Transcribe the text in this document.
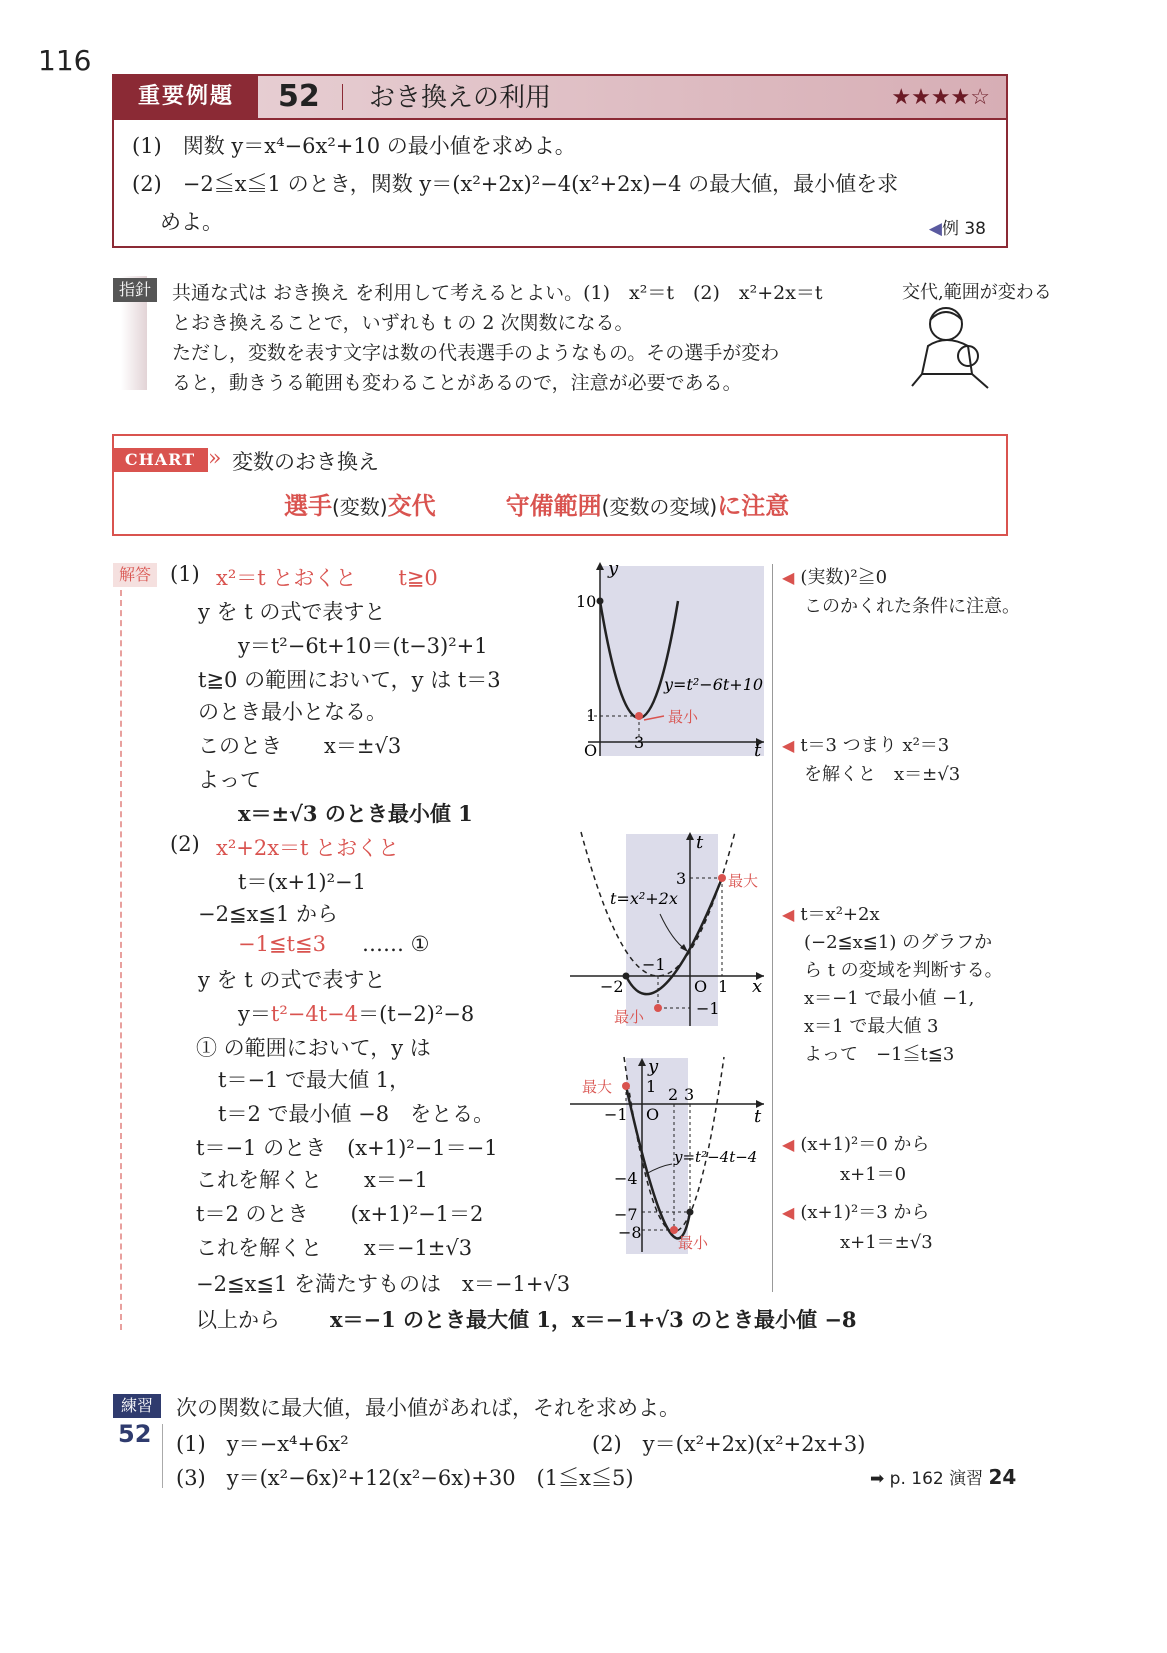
116
重要例題	52 おき換えの利用	★★★★☆
(1)　関数 y＝x⁴−6x²+10 の最小値を求めよ。
(2)　−2≦x≦1 のとき，関数 y＝(x²+2x)²−4(x²+2x)−4 の最大値，最小値を求
めよ。	◀例 38
指針	共通な式は おき換え を利用して考えるとよい。(1)　x²＝t　(2)　x²+2x＝t
とおき換えることで，いずれも t の 2 次関数になる。
ただし，変数を表す文字は数の代表選手のようなもの。その選手が変わ
ると，動きうる範囲も変わることがあるので，注意が必要である。
交代,範囲が変わる
CHART » 変数のおき換え
選手(変数)交代	守備範囲(変数の変域)に注意
解答 (1) x²＝t とおくと　　t≧0
y を t の式で表すと
y＝t²−6t+10＝(t−3)²+1
t≧0 の範囲において，y は t＝3
のとき最小となる。
このとき　　x＝±√3
よって
x＝±√3 のとき最小値 1
(2) x²+2x＝t とおくと
t＝(x+1)²−1
−2≦x≦1 から
−1≦t≦3 …… ①
y を t の式で表すと
y＝t²−4t−4＝(t−2)²−8
① の範囲において，y は
t＝−1 で最大値 1，
t＝2 で最小値 −8　をとる。
t＝−1 のとき　(x+1)²−1＝−1
これを解くと　　x＝−1
t＝2 のとき　　(x+1)²−1＝2
これを解くと　　x＝−1±√3
−2≦x≦1 を満たすものは　x＝−1+√3
以上から x＝−1 のとき最大値 1，x＝−1+√3 のとき最小値 −8
◀ (実数)²≧0
このかくれた条件に注意。
◀ t＝3 つまり x²＝3
を解くと　x＝±√3
◀ t＝x²+2x
(−2≦x≦1) のグラフか
ら t の変域を判断する。
x＝−1 で最小値 −1,
x＝1 で最大値 3
よって　−1≦t≦3
◀ (x+1)²＝0 から
x+1＝0
◀ (x+1)²＝3 から
x+1＝±√3
y
t
O
10
1
3
y=t²−6t+10
最小
t
x
O
3
−1
−2	1
−1
t=x²+2x
最大
最小
y
t
O
1 2 3
−1
−4
−7
−8
y=t²−4t−4
最大
最小
1
練習
52
次の関数に最大値，最小値があれば，それを求めよ。
(1)　y＝−x⁴+6x²	(2)　y＝(x²+2x)(x²+2x+3)
(3)　y＝(x²−6x)²+12(x²−6x)+30　(1≦x≦5)	➡ p. 162 演習 24
